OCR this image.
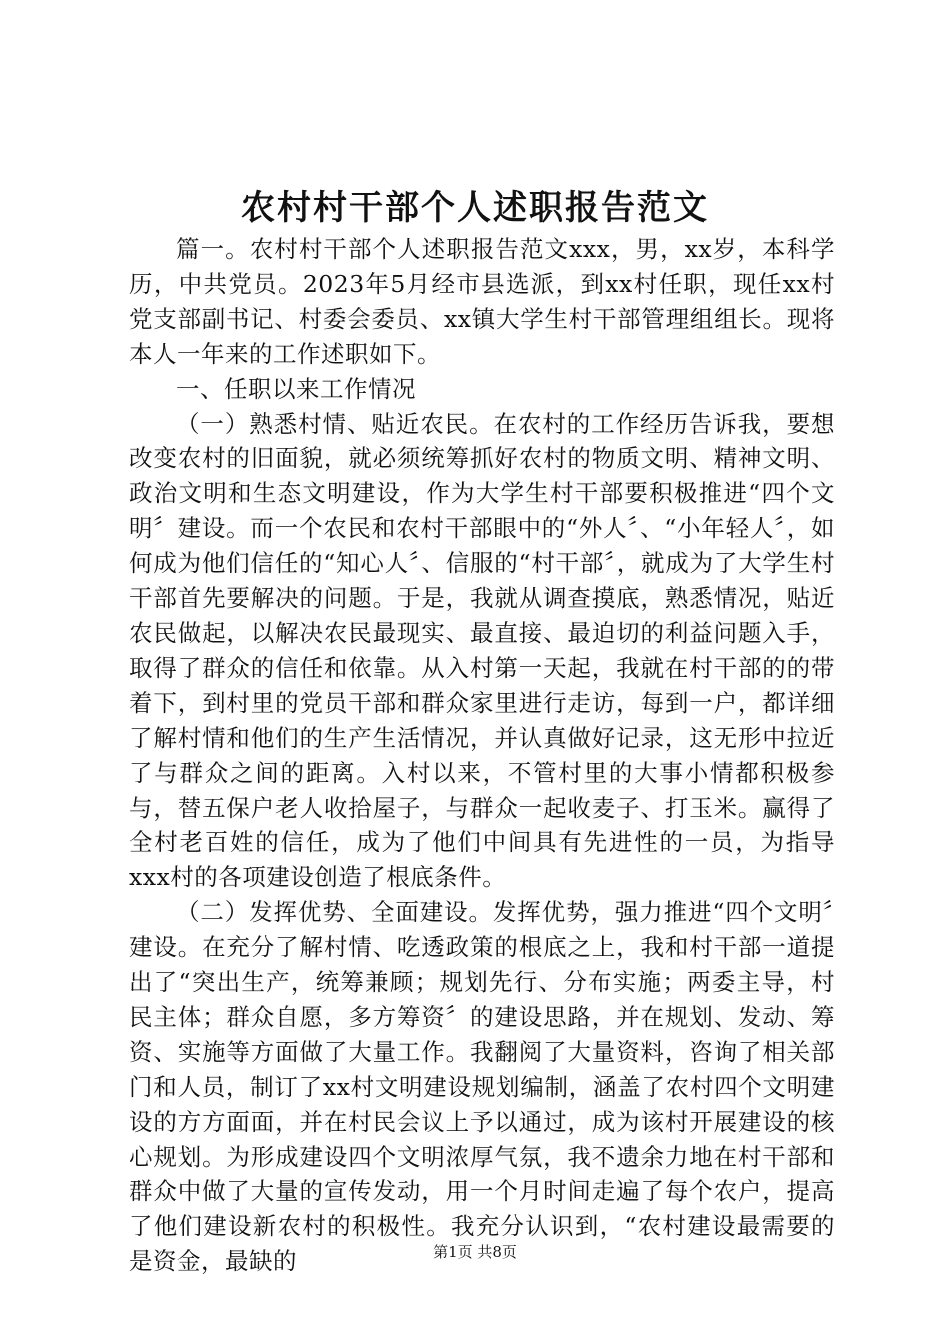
农村村干部个人述职报告范文

篇一。农村村干部个人述职报告范文xxx，男，xx岁，本科学历，中共党员。2023年5月经市县选派，到xx村任职，现任xx村党支部副书记、村委会委员、xx镇大学生村干部管理组组长。现将本人一年来的工作述职如下。

一、任职以来工作情况

（一）熟悉村情、贴近农民。在农村的工作经历告诉我，要想改变农村的旧面貌，就必须统筹抓好农村的物质文明、精神文明、政治文明和生态文明建设，作为大学生村干部要积极推进“四个文明〞建设。而一个农民和农村干部眼中的“外人〞、“小年轻人〞，如何成为他们信任的“知心人〞、信服的“村干部〞，就成为了大学生村干部首先要解决的问题。于是，我就从调查摸底，熟悉情况，贴近农民做起，以解决农民最现实、最直接、最迫切的利益问题入手，取得了群众的信任和依靠。从入村第一天起，我就在村干部的的带着下，到村里的党员干部和群众家里进行走访，每到一户，都详细了解村情和他们的生产生活情况，并认真做好记录，这无形中拉近了与群众之间的距离。入村以来，不管村里的大事小情都积极参与，替五保户老人收拾屋子，与群众一起收麦子、打玉米。赢得了全村老百姓的信任，成为了他们中间具有先进性的一员，为指导xxx村的各项建设创造了根底条件。

（二）发挥优势、全面建设。发挥优势，强力推进“四个文明〞建设。在充分了解村情、吃透政策的根底之上，我和村干部一道提出了“突出生产，统筹兼顾；规划先行、分布实施；两委主导，村民主体；群众自愿，多方筹资〞的建设思路，并在规划、发动、筹资、实施等方面做了大量工作。我翻阅了大量资料，咨询了相关部门和人员，制订了xx村文明建设规划编制，涵盖了农村四个文明建设的方方面面，并在村民会议上予以通过，成为该村开展建设的核心规划。为形成建设四个文明浓厚气氛，我不遗余力地在村干部和群众中做了大量的宣传发动，用一个月时间走遍了每个农户，提高了他们建设新农村的积极性。我充分认识到，“农村建设最需要的是资金，最缺的	第1页 共8页
